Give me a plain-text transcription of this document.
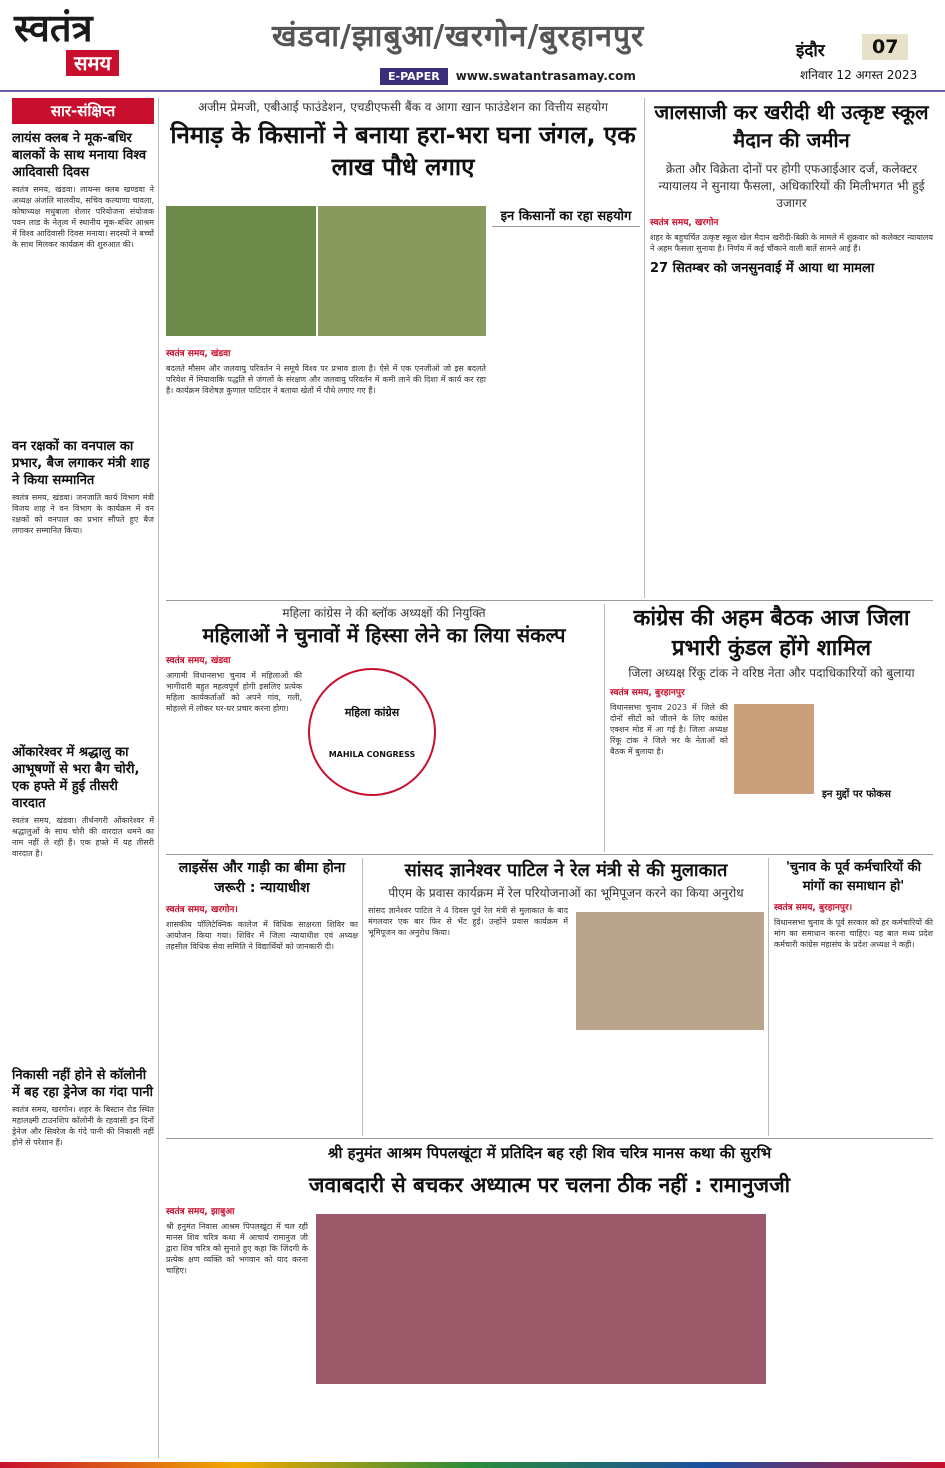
स्वतंत्र
समय
खंडवा/झाबुआ/खरगोन/बुरहानपुर
E-PAPER	www.swatantrasamay.com
इंदौर	07
शनिवार 12 अगस्त 2023
सार-संक्षिप्त
लायंस क्लब ने मूक-बधिर बालकों के साथ मनाया विश्व आदिवासी दिवस
स्वतंत्र समय, खंडवा। लायन्स क्लब खण्डवा ने अध्यक्ष अंजलि मालवीय, सचिव कल्याणा चावला, कोषाध्यक्ष मधुबाला शेलार परियोजना संयोजक पवन लाड के नेतृत्व में स्थानीय मूक-बधिर आश्रम में विश्व आदिवासी दिवस मनाया। सदस्यों ने बच्चों के साथ मिलकर कार्यक्रम की शुरुआत की।
वन रक्षकों का वनपाल का प्रभार, बैज लगाकर मंत्री शाह ने किया सम्मानित
स्वतंत्र समय, खंडवा। जनजाति कार्य विभाग मंत्री विजय शाह ने वन विभाग के कार्यक्रम में वन रक्षकों को वनपाल का प्रभार सौंपते हुए बैज लगाकर सम्मानित किया।
ओंकारेश्वर में श्रद्धालु का आभूषणों से भरा बैग चोरी, एक हफ्ते में हुई तीसरी वारदात
स्वतंत्र समय, खंडवा। तीर्थनगरी ओंकारेश्वर में श्रद्धालुओं के साथ चोरी की वारदात थमने का नाम नहीं ले रही हैं। एक हफ्ते में यह तीसरी वारदात है।
निकासी नहीं होने से कॉलोनी में बह रहा ड्रेनेज का गंदा पानी
स्वतंत्र समय, खरगोन। शहर के बिस्टान रोड स्थित महालक्ष्मी टाउनशिप कॉलोनी के रहवासी इन दिनों ड्रेनेज और सिवरेज के गंदे पानी की निकासी नहीं होने से परेशान हैं।
अजीम प्रेमजी, एबीआई फाउंडेशन, एचडीएफसी बैंक व आगा खान फाउंडेशन का वित्तीय सहयोग
निमाड़ के किसानों ने बनाया हरा-भरा घना जंगल, एक लाख पौधे लगाए
इन किसानों का रहा सहयोग
स्वतंत्र समय, खंडवा
बदलते मौसम और जलवायु परिवर्तन ने समूचे विश्व पर प्रभाव डाला है। ऐसे में एक एनजीओ जो इस बदलते परिवेश में मियावाकि पद्धति से जंगलों के संरक्षण और जलवायु परिवर्तन में कमी लाने की दिशा में कार्य कर रहा है। कार्यक्रम विशेषज्ञ कुणाल पाटिदार ने बताया खेतों में पौधे लगाए गए हैं।
जालसाजी कर खरीदी थी उत्कृष्ट स्कूल मैदान की जमीन
क्रेता और विक्रेता दोनों पर होगी एफआईआर दर्ज, कलेक्टर न्यायालय ने सुनाया फैसला, अधिकारियों की मिलीभगत भी हुई उजागर
स्वतंत्र समय, खरगोन
शहर के बहुचर्चित उत्कृष्ट स्कूल खेल मैदान खरीदी-बिक्री के मामले में शुक्रवार को कलेक्टर न्यायालय ने अहम फैसला सुनाया है। निर्णय में कई चौंकाने वाली बातें सामने आई हैं।
27 सितम्बर को जनसुनवाई में आया था मामला
महिला कांग्रेस ने की ब्लॉक अध्यक्षों की नियुक्ति
महिलाओं ने चुनावों में हिस्सा लेने का लिया संकल्प
स्वतंत्र समय, खंडवा
महिला कांग्रेस
MAHILA CONGRESS
आगामी विधानसभा चुनाव में महिलाओं की भागीदारी बहुत महत्वपूर्ण होगी इसलिए प्रत्येक महिला कार्यकर्ताओं को अपने गांव, गली, मोहल्ले में लोकर घर-घर प्रचार करना होगा।
कांग्रेस की अहम बैठक आज जिला प्रभारी कुंडल होंगे शामिल
जिला अध्यक्ष रिंकू टांक ने वरिष्ठ नेता और पदाधिकारियों को बुलाया
स्वतंत्र समय, बुरहानपुर
विधानसभा चुनाव 2023 में जिले की दोनों सीटों को जीतने के लिए कांग्रेस एक्शन मोड में आ गई है। जिला अध्यक्ष रिंकू टांक ने जिले भर के नेताओं को बैठक में बुलाया है।
इन मुद्दों पर फोकस
लाइसेंस और गाड़ी का बीमा होना जरूरी : न्यायाधीश
स्वतंत्र समय, खरगोन।
शासकीय पॉलिटेक्निक कालेज में विधिक साक्षरता शिविर का आयोजन किया गया। शिविर में जिला न्यायाधीश एवं अध्यक्ष तहसील विधिक सेवा समिति ने विद्यार्थियों को जानकारी दी।
सांसद ज्ञानेश्वर पाटिल ने रेल मंत्री से की मुलाकात
पीएम के प्रवास कार्यक्रम में रेल परियोजनाओं का भूमिपूजन करने का किया अनुरोध
सांसद ज्ञानेश्वर पाटिल ने 4 दिवस पूर्व रेल मंत्री से मुलाकात के बाद मंगलवार एक बार फिर से भेंट हुई। उन्होंने प्रवास कार्यक्रम में भूमिपूजन का अनुरोध किया।
'चुनाव के पूर्व कर्मचारियों की मांगों का समाधान हो'
स्वतंत्र समय, बुरहानपुर।
विधानसभा चुनाव के पूर्व सरकार को हर कर्मचारियों की मांग का समाधान करना चाहिए। यह बात मध्य प्रदेश कर्मचारी कांग्रेस महासंघ के प्रदेश अध्यक्ष ने कही।
श्री हनुमंत आश्रम पिपलखूंटा में प्रतिदिन बह रही शिव चरित्र मानस कथा की सुरभि
जवाबदारी से बचकर अध्यात्म पर चलना ठीक नहीं : रामानुजजी
स्वतंत्र समय, झाबुआ
श्री हनुमंत निवास आश्रम पिपलखूंटा में चल रही मानस शिव चरित्र कथा में आचार्य रामानुज जी द्वारा शिव चरित्र को सुनाते हुए कहा कि जिंदगी के प्रत्येक क्षण व्यक्ति को भगवान को याद करना चाहिए।
